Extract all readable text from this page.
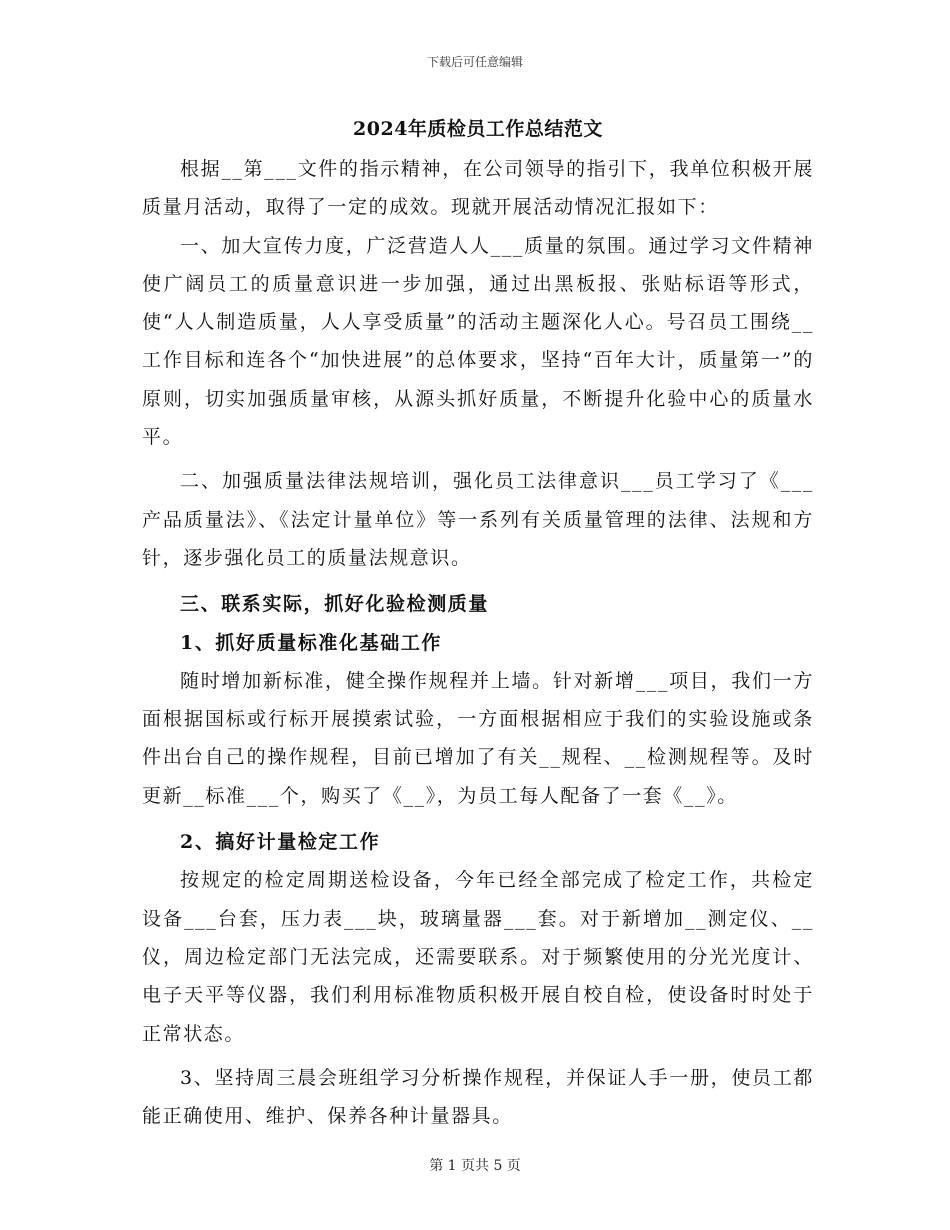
下载后可任意编辑
2024年质检员工作总结范文

根据__第___文件的指示精神，在公司领导的指引下，我单位积极开展质量月活动，取得了一定的成效。现就开展活动情况汇报如下：

一、加大宣传力度，广泛营造人人___质量的氛围。通过学习文件精神使广阔员工的质量意识进一步加强，通过出黑板报、张贴标语等形式，使“人人制造质量，人人享受质量”的活动主题深化人心。号召员工围绕__工作目标和连各个“加快进展”的总体要求，坚持“百年大计，质量第一”的原则，切实加强质量审核，从源头抓好质量，不断提升化验中心的质量水平。

二、加强质量法律法规培训，强化员工法律意识___员工学习了《___产品质量法》、《法定计量单位》等一系列有关质量管理的法律、法规和方针，逐步强化员工的质量法规意识。

三、联系实际，抓好化验检测质量

1、抓好质量标准化基础工作

随时增加新标准，健全操作规程并上墙。针对新增___项目，我们一方面根据国标或行标开展摸索试验，一方面根据相应于我们的实验设施或条件出台自己的操作规程，目前已增加了有关__规程、__检测规程等。及时更新__标准___个，购买了《__》，为员工每人配备了一套《__》。

2、搞好计量检定工作

按规定的检定周期送检设备，今年已经全部完成了检定工作，共检定设备___台套，压力表___块，玻璃量器___套。对于新增加__测定仪、__仪，周边检定部门无法完成，还需要联系。对于频繁使用的分光光度计、电子天平等仪器，我们利用标准物质积极开展自校自检，使设备时时处于正常状态。

3、坚持周三晨会班组学习分析操作规程，并保证人手一册，使员工都能正确使用、维护、保养各种计量器具。

第 1 页共 5 页
